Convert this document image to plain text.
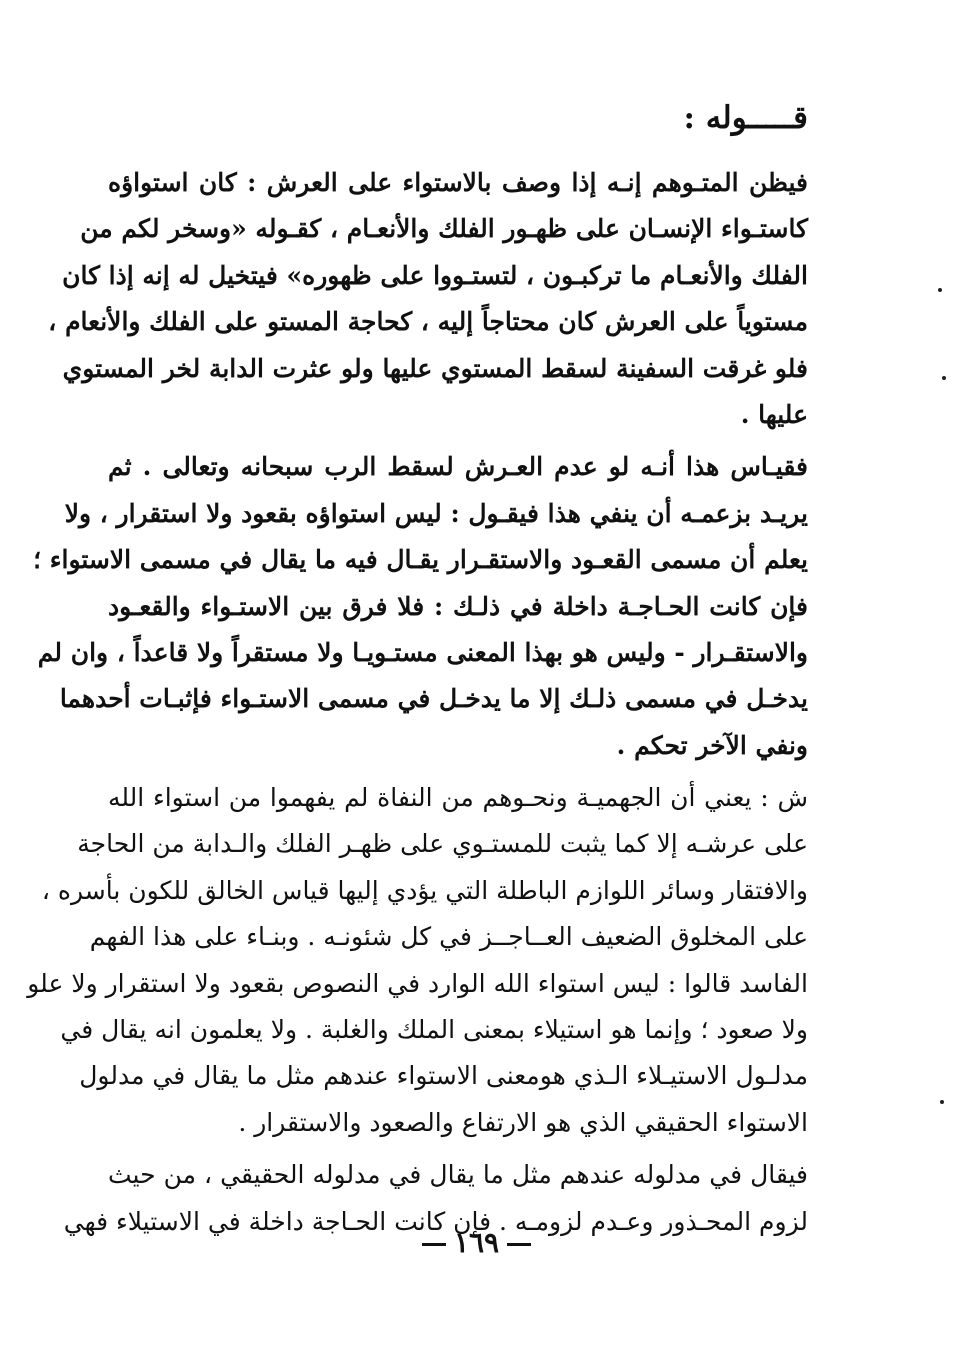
قـــــوله :
فيظن المتـوهم إنـه إذا وصف بالاستواء على العرش : كان استواؤه
كاستـواء الإنسـان على ظهـور الفلك والأنعـام ، كقـوله «وسخر لكم من
الفلك والأنعـام ما تركبـون ، لتستـووا على ظهوره» فيتخيل له إنه إذا كان
مستوياً على العرش كان محتاجاً إليه ، كحاجة المستو على الفلك والأنعام ،
فلو غرقت السفينة لسقط المستوي عليها ولو عثرت الدابة لخر المستوي
عليها .
فقيـاس هذا أنـه لو عدم العـرش لسقط الرب سبحانه وتعالى . ثم
يريـد بزعمـه أن ينفي هذا فيقـول : ليس استواؤه بقعود ولا استقرار ، ولا
يعلم أن مسمى القعـود والاستقـرار يقـال فيه ما يقال في مسمى الاستواء ؛
فإن كانت الحـاجـة داخلة في ذلـك : فلا فرق بين الاستـواء والقعـود
والاستقـرار - وليس هو بهذا المعنى مستـويـا ولا مستقراً ولا قاعداً ، وان لم
يدخـل في مسمى ذلـك إلا ما يدخـل في مسمى الاستـواء فإثبـات أحدهما
ونفي الآخر تحكم .
ش : يعني أن الجهميـة ونحـوهم من النفاة لم يفهموا من استواء الله
على عرشـه إلا كما يثبت للمستـوي على ظهـر الفلك والـدابة من الحاجة
والافتقار وسائر اللوازم الباطلة التي يؤدي إليها قياس الخالق للكون بأسره ،
على المخلوق الضعيف العــاجــز في كل شئونـه . وبنـاء على هذا الفهم
الفاسد قالوا : ليس استواء الله الوارد في النصوص بقعود ولا استقرار ولا علو
ولا صعود ؛ وإنما هو استيلاء بمعنى الملك والغلبة . ولا يعلمون انه يقال في
مدلـول الاستيـلاء الـذي هومعنى الاستواء عندهم مثل ما يقال في مدلول
الاستواء الحقيقي الذي هو الارتفاع والصعود والاستقرار .
فيقال في مدلوله عندهم مثل ما يقال في مدلوله الحقيقي ، من حيث
لزوم المحـذور وعـدم لزومـه . فإن كانت الحـاجة داخلة في الاستيلاء فهي
١٦٩
